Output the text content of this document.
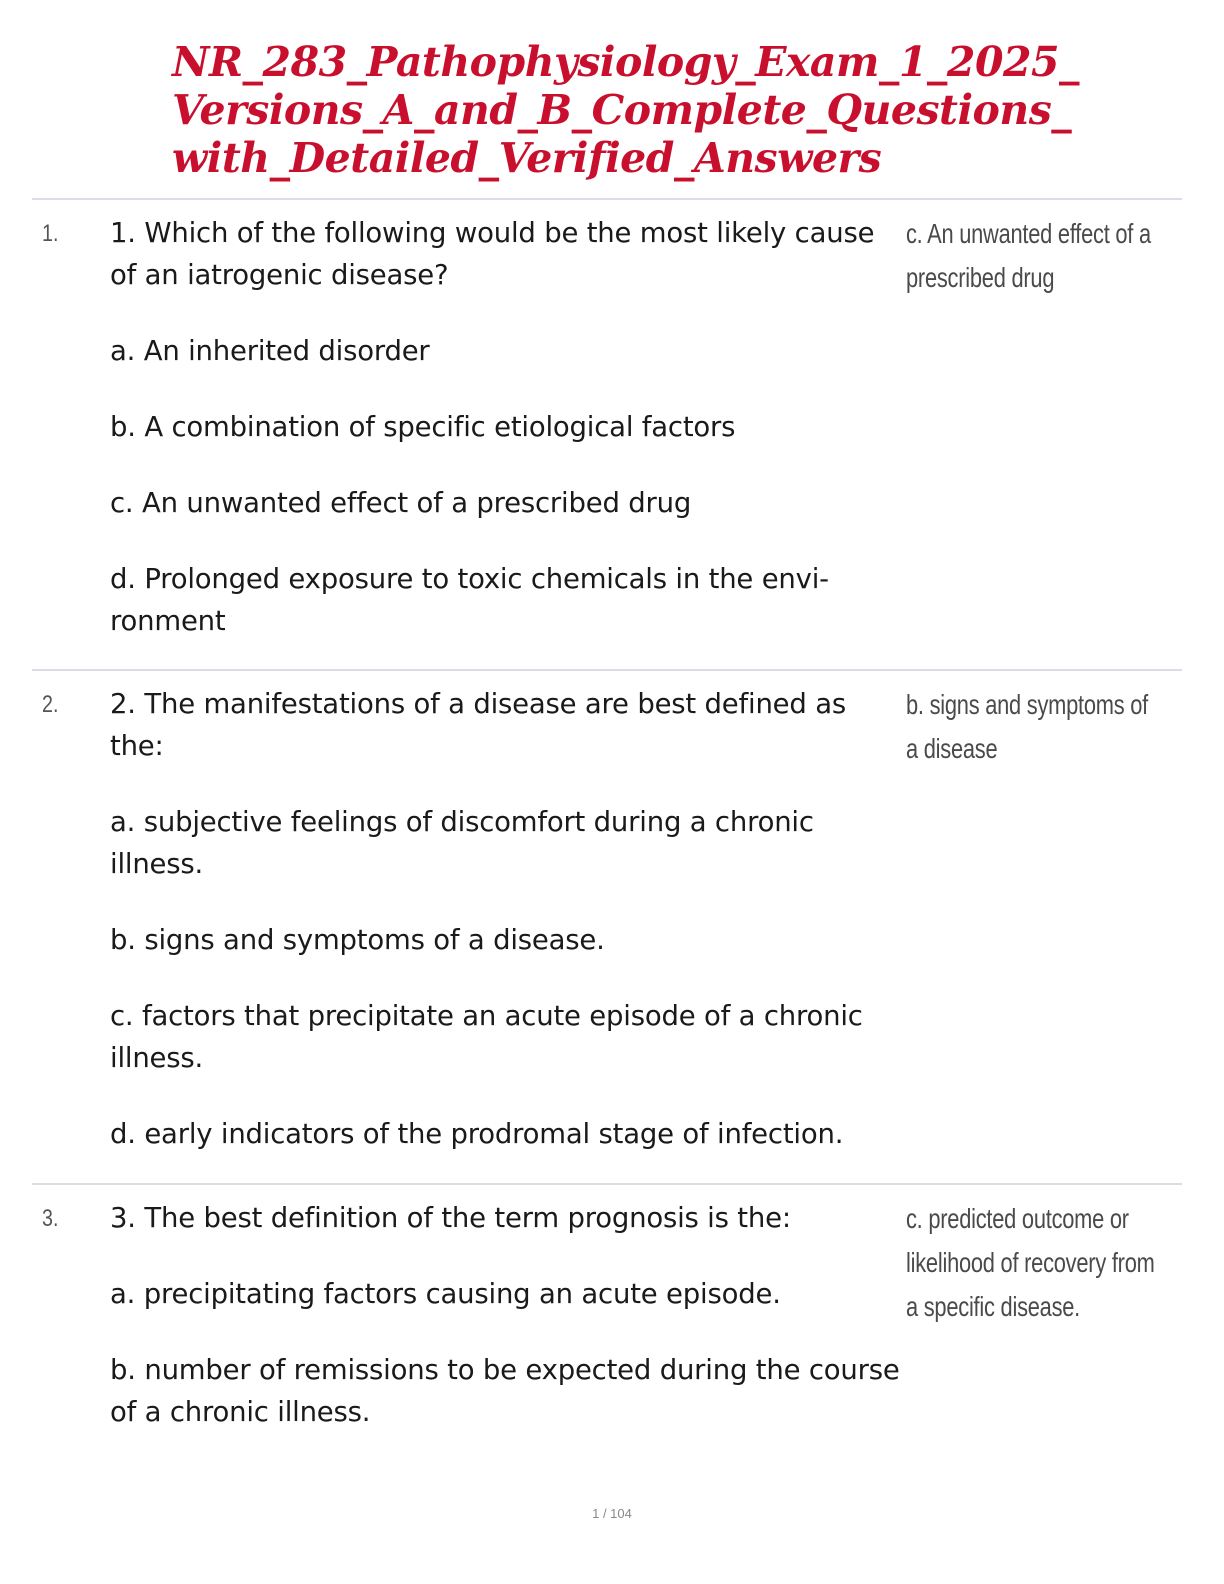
NR_283_Pathophysiology_Exam_1_2025_
Versions_A_and_B_Complete_Questions_
with_Detailed_Verified_Answers
1. 1. Which of the following would be the most likely cause of an iatrogenic disease?

a. An inherited disorder

b. A combination of specific etiological factors

c. An unwanted effect of a prescribed drug

d. Prolonged exposure to toxic chemicals in the envi-ronment

c. An unwanted effect of a prescribed drug

2. 2. The manifestations of a disease are best defined as the:

a. subjective feelings of discomfort during a chronic illness.

b. signs and symptoms of a disease.

c. factors that precipitate an acute episode of a chronic illness.

d. early indicators of the prodromal stage of infection.

b. signs and symptoms of a disease

3. 3. The best definition of the term prognosis is the:

a. precipitating factors causing an acute episode.

b. number of remissions to be expected during the course of a chronic illness.

c. predicted outcome or likelihood of recovery from a specific disease.

1 / 104
